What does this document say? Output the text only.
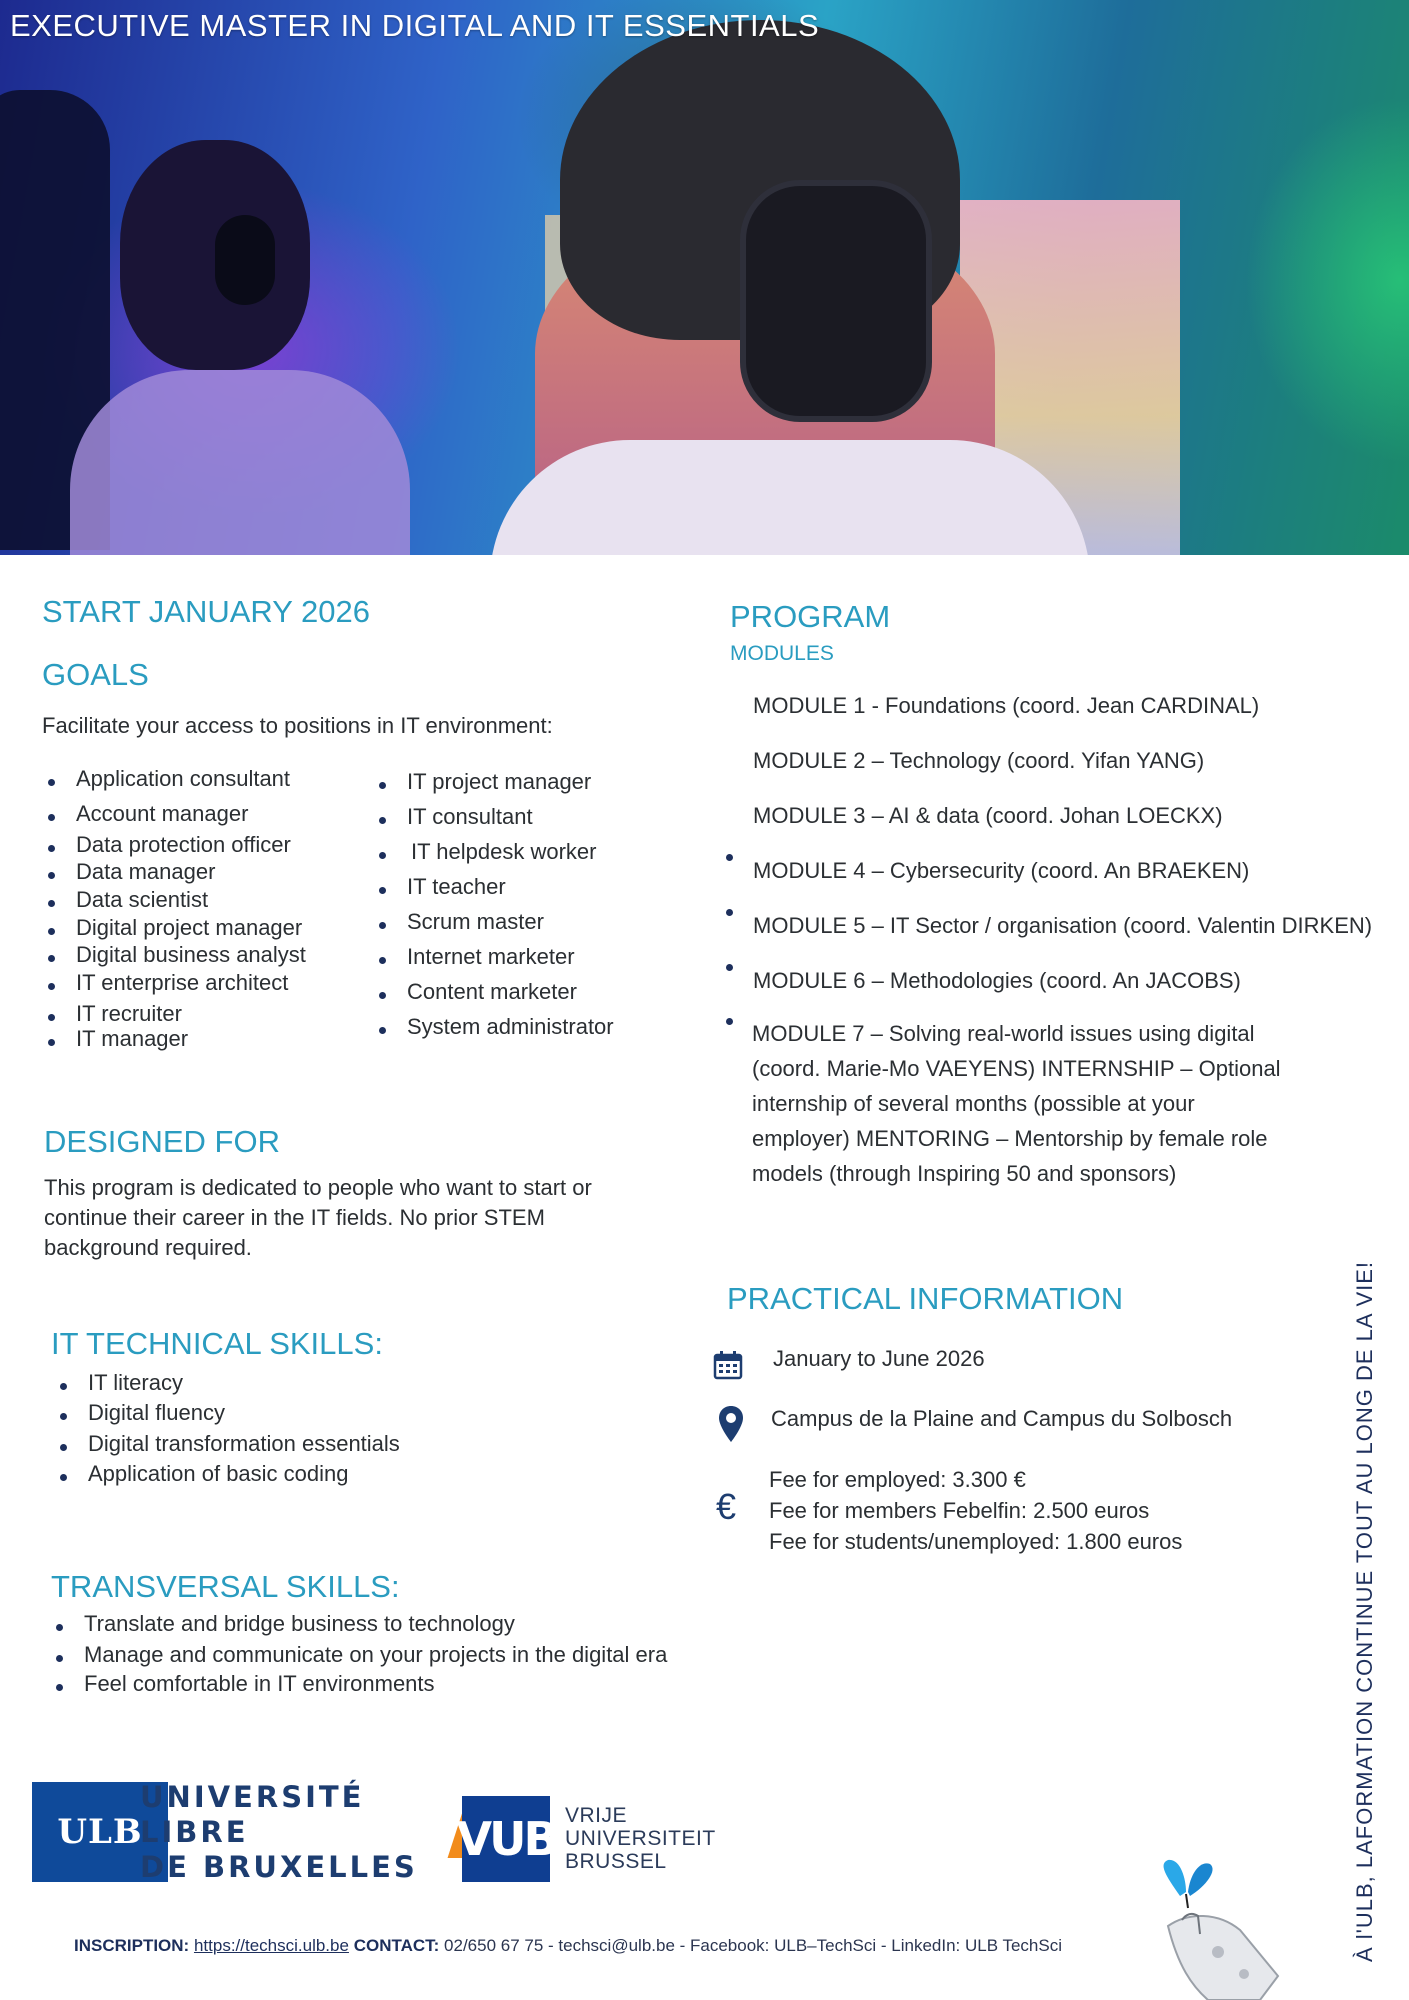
EXECUTIVE MASTER IN DIGITAL AND IT ESSENTIALS
START JANUARY 2026
GOALS

Facilitate your access to positions in IT environment:

Application consultant
Account manager
Data protection officer
Data manager
Data scientist
Digital project manager
Digital business analyst
IT enterprise architect
IT recruiter
IT manager
IT project manager
IT consultant
IT helpdesk worker
IT teacher
Scrum master
Internet marketer
Content marketer
System administrator
DESIGNED FOR

This program is dedicated to people who want to start or

continue their career in the IT fields. No prior STEM

background required.

IT TECHNICAL SKILLS:
IT literacy
Digital fluency
Digital transformation essentials
Application of basic coding
TRANSVERSAL SKILLS:
Translate and bridge business to technology
Manage and communicate on your projects in the digital era
Feel comfortable in IT environments
PROGRAM
MODULES
MODULE 1 - Foundations (coord. Jean CARDINAL)
MODULE 2 – Technology (coord. Yifan YANG)
MODULE 3 – AI & data (coord. Johan LOECKX)
MODULE 4 – Cybersecurity (coord. An BRAEKEN)
MODULE 5 – IT Sector / organisation (coord. Valentin DIRKEN)
MODULE 6 – Methodologies (coord. An JACOBS)
MODULE 7 – Solving real-world issues using digital
(coord. Marie-Mo VAEYENS) INTERNSHIP – Optional
internship of several months (possible at your
employer) MENTORING – Mentorship by female role
models (through Inspiring 50 and sponsors)
PRACTICAL INFORMATION
January to June 2026
Campus de la Plaine and Campus du Solbosch
€
Fee for employed: 3.300 €
Fee for members Febelfin: 2.500 euros
Fee for students/unemployed: 1.800 euros
ULB
UNIVERSITÉ
LIBRE
DE BRUXELLES
VUB VRIJE
UNIVERSITEIT
BRUSSEL
INSCRIPTION: https://techsci.ulb.be CONTACT: 02/650 67 75 - techsci@ulb.be - Facebook: ULB–TechSci - LinkedIn: ULB TechSci	À l'ULB, LAFORMATION CONTINUE TOUT AU LONG DE LA VIE!
